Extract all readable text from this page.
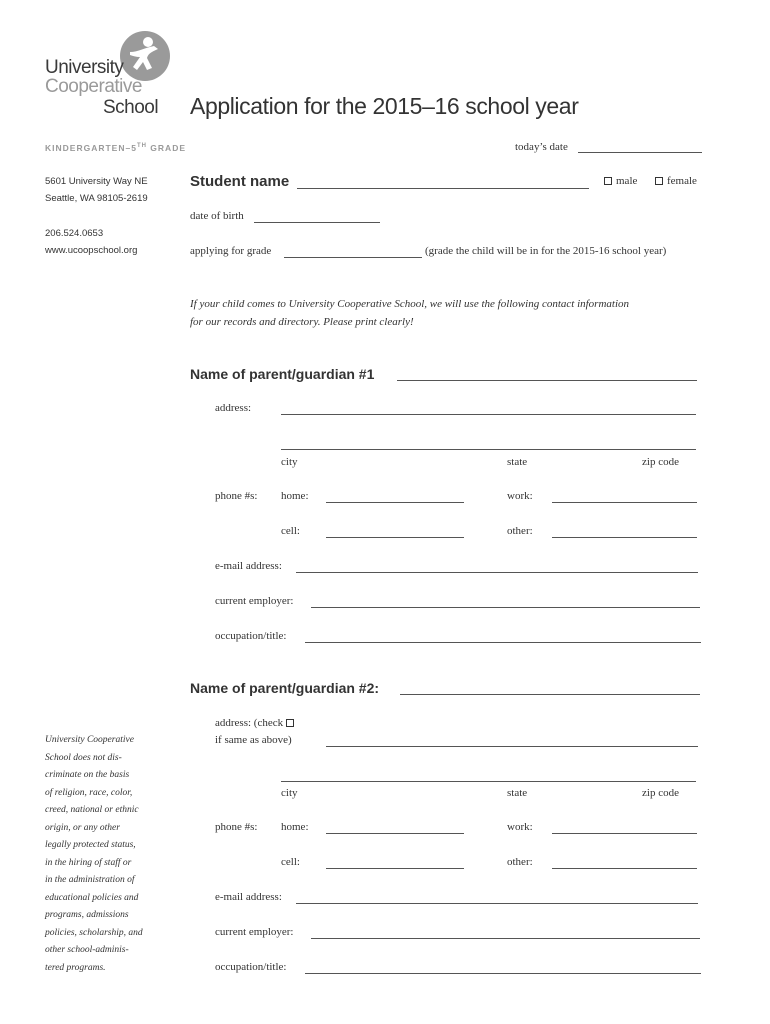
University
Cooperative
School Application for the 2015–16 school year
KINDERGARTEN–5TH GRADE
5601 University Way NE
Seattle, WA 98105-2619
206.524.0653
www.ucoopschool.org
today’s date
Student name	male	female
date of birth
applying for grade	(grade the child will be in for the 2015-16 school year)
If your child comes to University Cooperative School, we will use the following contact information
for our records and directory. Please print clearly!
Name of parent/guardian #1
address:
city	state	zip code
phone #s: home:	work:
cell:	other:
e-mail address:
current employer:
occupation/title:
Name of parent/guardian #2:
address: (check
if same as above)
city	state	zip code
phone #s: home:	work:
cell:	other:
e-mail address:
current employer:
occupation/title:
University Cooperative
School does not dis-
criminate on the basis
of religion, race, color,
creed, national or ethnic
origin, or any other
legally protected status,
in the hiring of staff or
in the administration of
educational policies and
programs, admissions
policies, scholarship, and
other school-adminis-
tered programs.
